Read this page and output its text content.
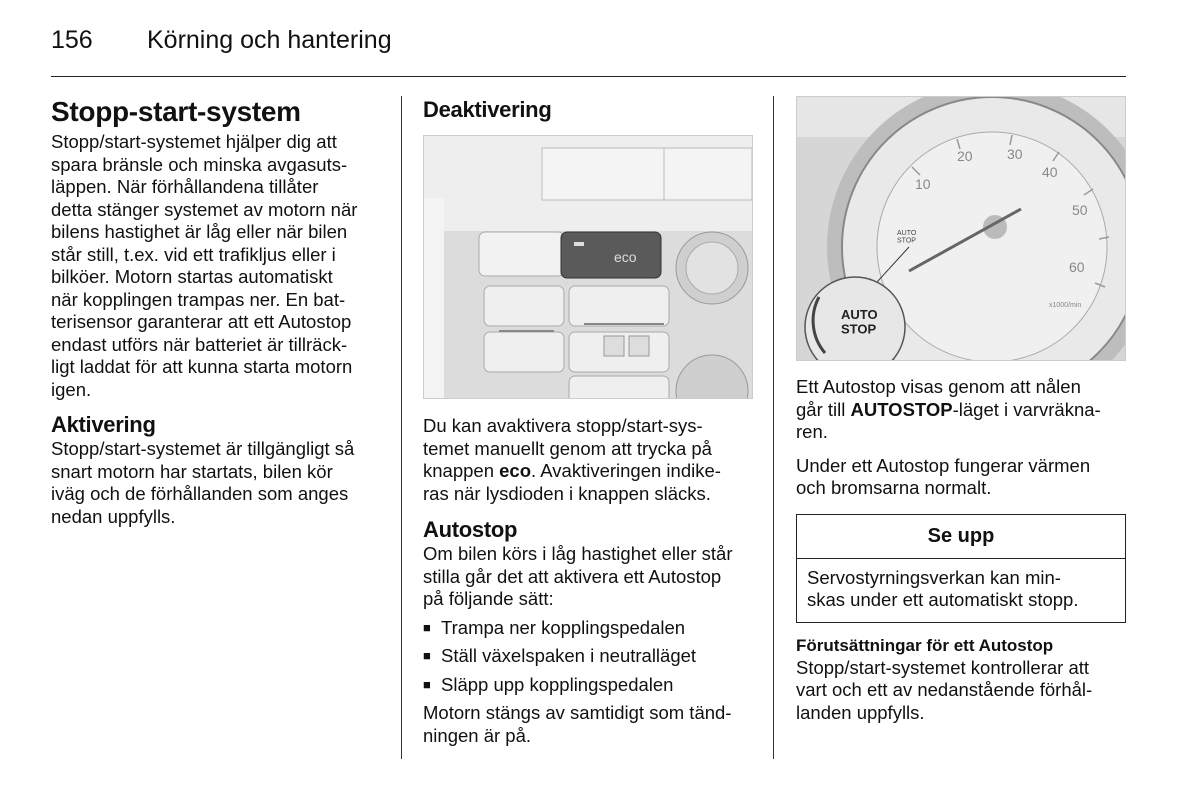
156 Körning och hantering
Stopp-start-system

Stopp/start-systemet hjälper dig att
spara bränsle och minska avgasuts-
läppen. När förhållandena tillåter
detta stänger systemet av motorn när
bilens hastighet är låg eller när bilen
står still, t.ex. vid ett trafikljus eller i
bilköer. Motorn startas automatiskt
när kopplingen trampas ner. En bat-
terisensor garanterar att ett Autostop
endast utförs när batteriet är tillräck-
ligt laddat för att kunna starta motorn
igen.

Aktivering

Stopp/start-systemet är tillgängligt så
snart motorn har startats, bilen kör
iväg och de förhållanden som anges
nedan uppfylls.

Deaktivering
eco

Du kan avaktivera stopp/start-sys-
temet manuellt genom att trycka på
knappen eco. Avaktiveringen indike-
ras när lysdioden i knappen släcks.

Autostop

Om bilen körs i låg hastighet eller står
stilla går det att aktivera ett Autostop
på följande sätt:

■ Trampa ner kopplingspedalen
■ Ställ växelspaken i neutralläget
■ Släpp upp kopplingspedalen

Motorn stängs av samtidigt som tänd-
ningen är på.

10
20 30
40
50
60
x1000/min
AUTO STOP
AUTO STOP

Ett Autostop visas genom att nålen
går till AUTOSTOP-läget i varvräkna-
ren.

Under ett Autostop fungerar värmen
och bromsarna normalt.

Se upp

Servostyrningsverkan kan min-
skas under ett automatiskt stopp.

Förutsättningar för ett Autostop

Stopp/start-systemet kontrollerar att
vart och ett av nedanstående förhål-
landen uppfylls.
